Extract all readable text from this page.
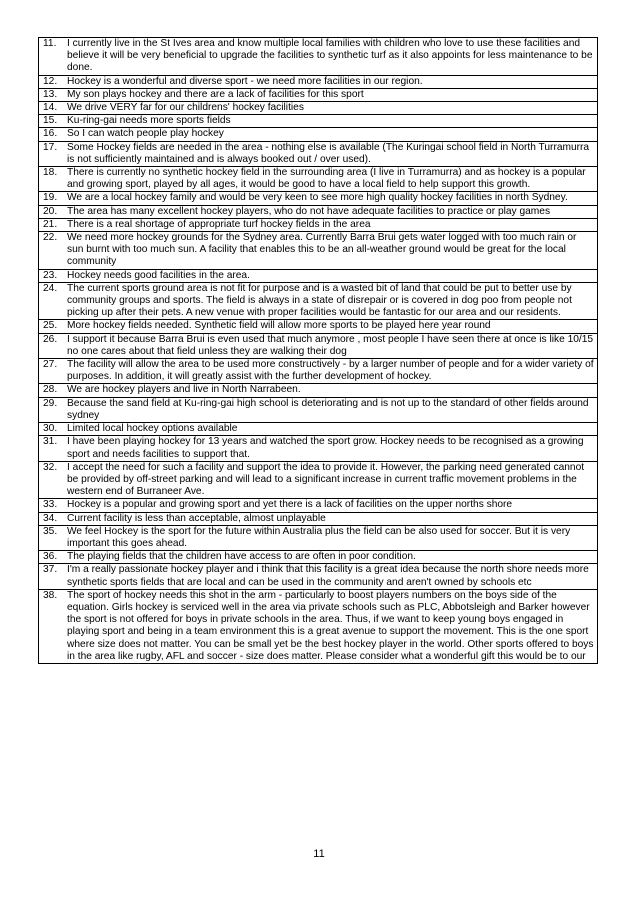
11.	I currently live in the St Ives area and know multiple local families with children who love to use these facilities and believe it will be very beneficial to upgrade the facilities to synthetic turf as it also appoints for less maintenance to be done.

12. Hockey is a wonderful and diverse sport - we need more facilities in our region.

13. My son plays hockey and there are a lack of facilities for this sport

14. We drive VERY far for our childrens' hockey facilities

15. Ku-ring-gai needs more sports fields

16. So I can watch people play hockey

17. Some Hockey fields are needed in the area - nothing else is available (The Kuringai school field in North Turramurra is not sufficiently maintained and is always booked out / over used).

18. There is currently no synthetic hockey field in the surrounding area (I live in Turramurra) and as hockey is a popular and growing sport, played by all ages, it would be good to have a local field to help support this growth.

19. We are a local hockey family and would be very keen to see more high quality hockey facilities in north Sydney.

20. The area has many excellent hockey players, who do not have adequate facilities to practice or play games

21. There is a real shortage of appropriate turf hockey fields in the area

22. We need more hockey grounds for the Sydney area. Currently Barra Brui gets water logged with too much rain or sun burnt with too much sun. A facility that enables this to be an all-weather ground would be great for the local community

23. Hockey needs good facilities in the area.

24. The current sports ground area is not fit for purpose and is a wasted bit of land that could be put to better use by community groups and sports. The field is always in a state of disrepair or is covered in dog poo from people not picking up after their pets. A new venue with proper facilities would be fantastic for our area and our residents.

25. More hockey fields needed. Synthetic field will allow more sports to be played here year round

26. I support it because Barra Brui is even used that much anymore , most people I have seen there at once is like 10/15 no one cares about that field unless they are walking their dog

27. The facility will allow the area to be used more constructively - by a larger number of people and for a wider variety of purposes. In addition, it will greatly assist with the further development of hockey.

28. We are hockey players and live in North Narrabeen.

29. Because the sand field at Ku-ring-gai high school is deteriorating and is not up to the standard of other fields around sydney

30. Limited local hockey options available

31. I have been playing hockey for 13 years and watched the sport grow. Hockey needs to be recognised as a growing sport and needs facilities to support that.

32. I accept the need for such a facility and support the idea to provide it. However, the parking need generated cannot be provided by off-street parking and will lead to a significant increase in current traffic movement problems in the western end of Burraneer Ave.

33. Hockey is a popular and growing sport and yet there is a lack of facilities on the upper norths shore

34. Current facility is less than acceptable, almost unplayable

35. We feel Hockey is the sport for the future within Australia plus the field can be also used for soccer. But it is very important this goes ahead.

36. The playing fields that the children have access to are often in poor condition.

37. I'm a really passionate hockey player and i think that this facility is a great idea because the north shore needs more synthetic sports fields that are local and can be used in the community and aren't owned by schools etc

38. The sport of hockey needs this shot in the arm - particularly to boost players numbers on the boys side of the equation. Girls hockey is serviced well in the area via private schools such as PLC, Abbotsleigh and Barker however the sport is not offered for boys in private schools in the area. Thus, if we want to keep young boys engaged in playing sport and being in a team environment this is a great avenue to support the movement. This is the one sport where size does not matter. You can be small yet be the best hockey player in the world. Other sports offered to boys in the area like rugby, AFL and soccer - size does matter. Please consider what a wonderful gift this would be to our
11
